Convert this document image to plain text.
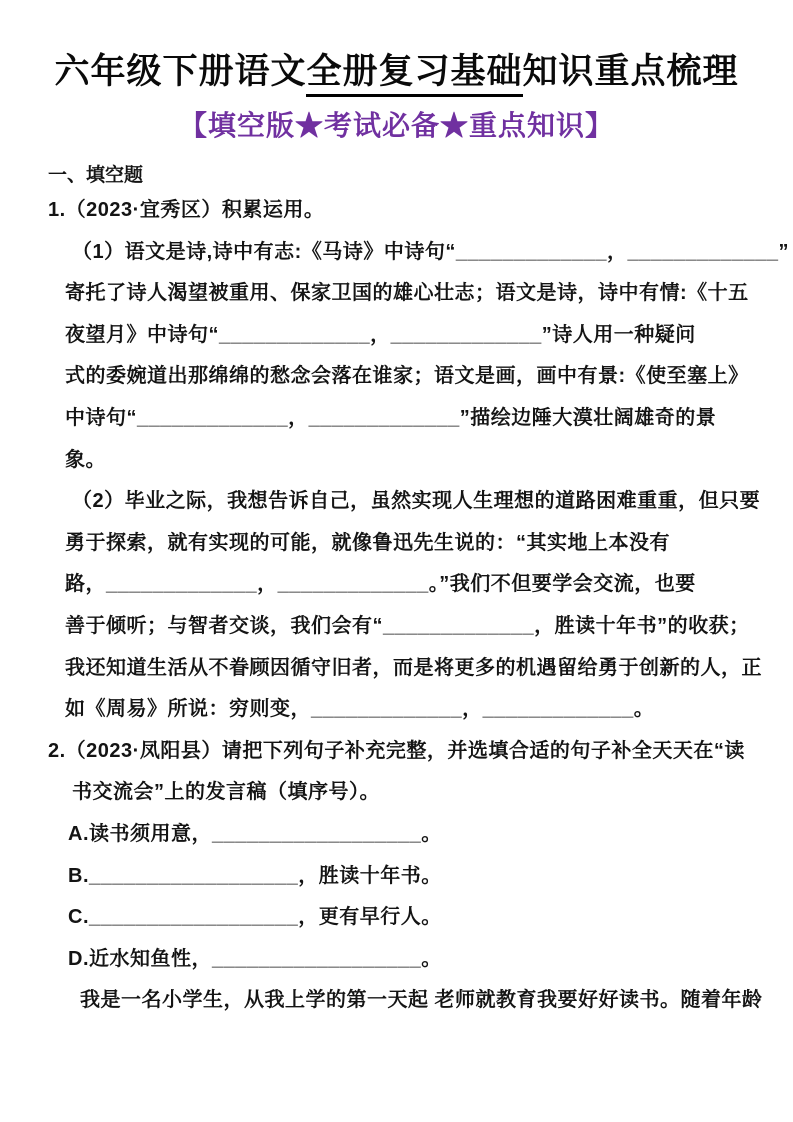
六年级下册语文全册复习基础知识重点梳理
【填空版★考试必备★重点知识】
一、填空题
1.（2023·宜秀区）积累运用。
（1）语文是诗,诗中有志:《马诗》中诗句“_____________，_____________”
寄托了诗人渴望被重用、保家卫国的雄心壮志；语文是诗，诗中有情:《十五
夜望月》中诗句“_____________，_____________”诗人用一种疑问
式的委婉道出那绵绵的愁念会落在谁家；语文是画，画中有景:《使至塞上》
中诗句“_____________，_____________”描绘边陲大漠壮阔雄奇的景
象。
（2）毕业之际，我想告诉自己，虽然实现人生理想的道路困难重重，但只要
勇于探索，就有实现的可能，就像鲁迅先生说的：“其实地上本没有
路，_____________，_____________。”我们不但要学会交流，也要
善于倾听；与智者交谈，我们会有“_____________，胜读十年书”的收获；
我还知道生活从不眷顾因循守旧者，而是将更多的机遇留给勇于创新的人，正
如《周易》所说：穷则变，_____________，_____________。
2.（2023·凤阳县）请把下列句子补充完整，并选填合适的句子补全天天在“读
书交流会”上的发言稿（填序号）。
A.读书须用意，__________________。
B.__________________，胜读十年书。
C.__________________，更有早行人。
D.近水知鱼性，__________________。
我是一名小学生，从我上学的第一天起 老师就教育我要好好读书。随着年龄
